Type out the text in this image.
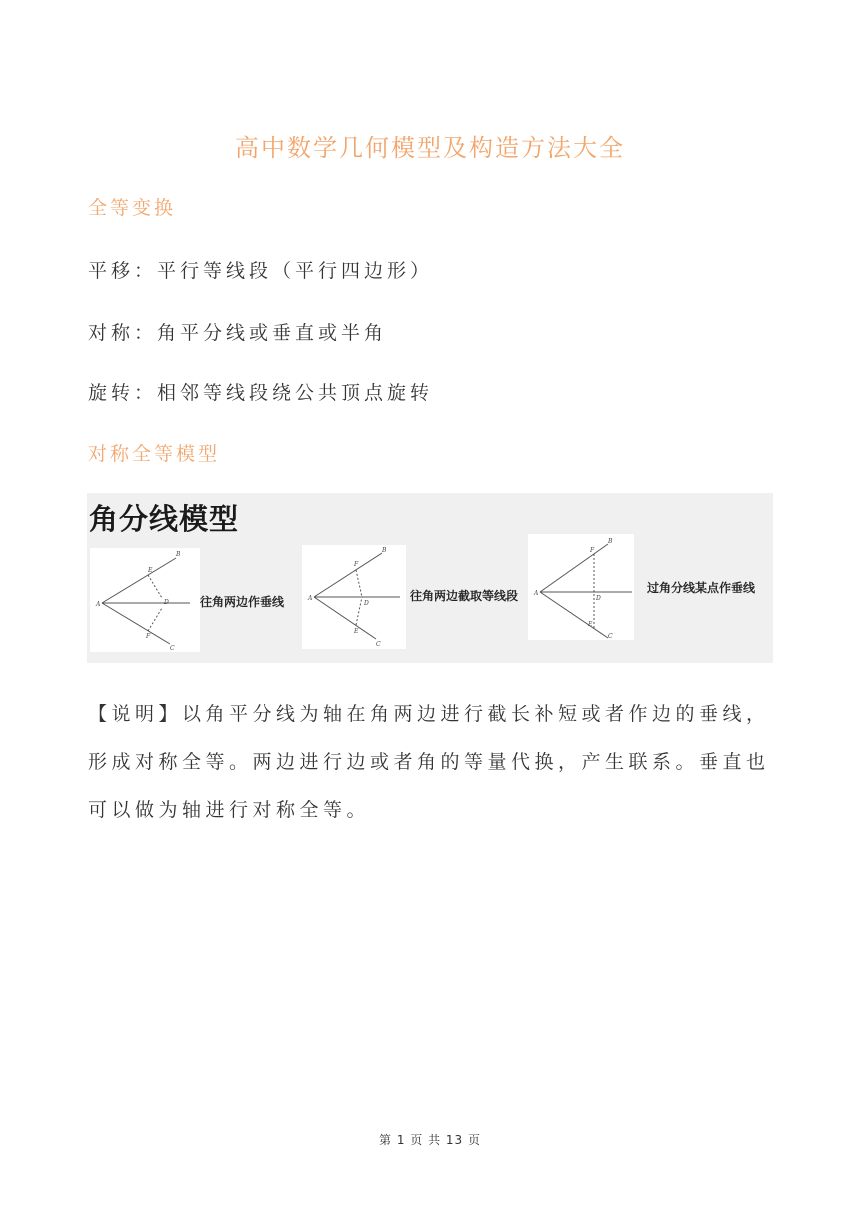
高中数学几何模型及构造方法大全
全等变换
平移：平行等线段（平行四边形）
对称：角平分线或垂直或半角
旋转：相邻等线段绕公共顶点旋转
对称全等模型
角分线模型
A
B
E
D
F
C
往角两边作垂线	A
B
F
D
E
C
往角两边截取等线段	A
B
F
D
E
C
过角分线某点作垂线
【说明】以角平分线为轴在角两边进行截长补短或者作边的垂线，
形成对称全等。两边进行边或者角的等量代换，产生联系。垂直也
可以做为轴进行对称全等。
第 1 页 共 13 页
